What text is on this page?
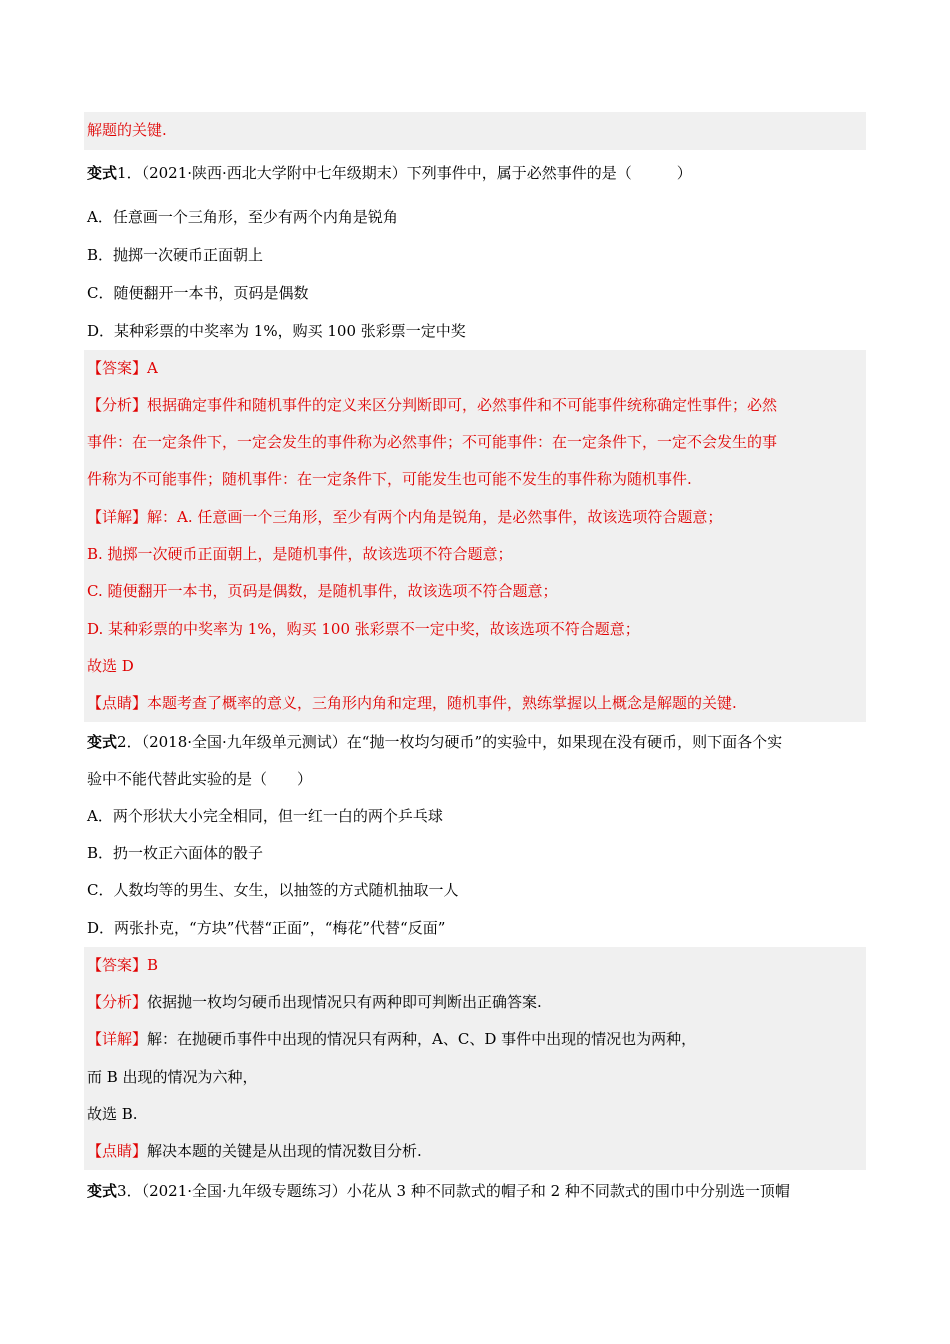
解题的关键.
变式1．（2021·陕西·西北大学附中七年级期末）下列事件中，属于必然事件的是（　　　）
A．任意画一个三角形，至少有两个内角是锐角
B．抛掷一次硬币正面朝上
C．随便翻开一本书，页码是偶数
D．某种彩票的中奖率为 1%，购买 100 张彩票一定中奖
【答案】A
【分析】根据确定事件和随机事件的定义来区分判断即可，必然事件和不可能事件统称确定性事件；必然
事件：在一定条件下，一定会发生的事件称为必然事件；不可能事件：在一定条件下，一定不会发生的事
件称为不可能事件；随机事件：在一定条件下，可能发生也可能不发生的事件称为随机事件.
【详解】解：A. 任意画一个三角形，至少有两个内角是锐角，是必然事件，故该选项符合题意；
B. 抛掷一次硬币正面朝上，是随机事件，故该选项不符合题意；
C. 随便翻开一本书，页码是偶数，是随机事件，故该选项不符合题意；
D. 某种彩票的中奖率为 1%，购买 100 张彩票不一定中奖，故该选项不符合题意；
故选 D
【点睛】本题考查了概率的意义，三角形内角和定理，随机事件，熟练掌握以上概念是解题的关键.
变式2．（2018·全国·九年级单元测试）在“抛一枚均匀硬币”的实验中，如果现在没有硬币，则下面各个实
验中不能代替此实验的是（　　）
A．两个形状大小完全相同，但一红一白的两个乒乓球
B．扔一枚正六面体的骰子
C．人数均等的男生、女生，以抽签的方式随机抽取一人
D．两张扑克，“方块”代替“正面”，“梅花”代替“反面”
【答案】B
【分析】依据抛一枚均匀硬币出现情况只有两种即可判断出正确答案.
【详解】解：在抛硬币事件中出现的情况只有两种，A、C、D 事件中出现的情况也为两种，
而 B 出现的情况为六种，
故选 B.
【点睛】解决本题的关键是从出现的情况数目分析.
变式3．（2021·全国·九年级专题练习）小花从 3 种不同款式的帽子和 2 种不同款式的围巾中分别选一顶帽
